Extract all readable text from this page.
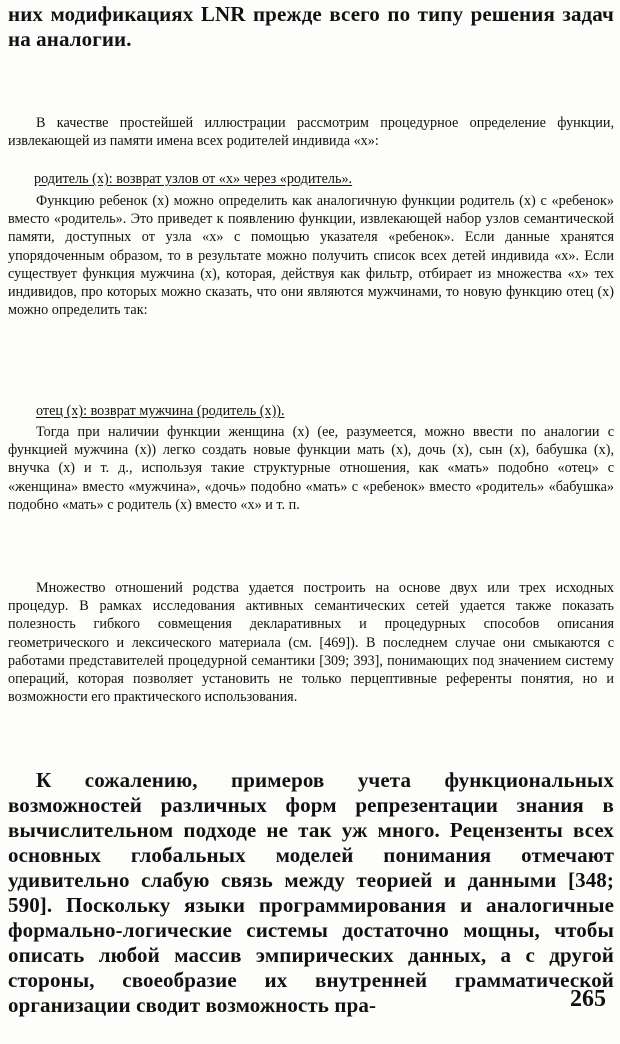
них модификациях LNR прежде всего по типу решения задач на аналогии.

В качестве простейшей иллюстрации рассмотрим процедурное определение функции, извлекающей из памяти имена всех родителей индивида «x»:

родитель (x): возврат узлов от «x» через «родитель».

Функцию ребенок (x) можно определить как аналогичную функции родитель (x) с «ребенок» вместо «родитель». Это приведет к появлению функции, извлекающей набор узлов семантической памяти, доступных от узла «x» с помощью указателя «ребенок». Если данные хранятся упорядоченным образом, то в результате можно получить список всех детей индивида «x». Если существует функция мужчина (x), которая, действуя как фильтр, отбирает из множества «x» тех индивидов, про которых можно сказать, что они являются мужчинами, то новую функцию отец (x) можно определить так:

отец (x): возврат мужчина (родитель (x)).

Тогда при наличии функции женщина (x) (ее, разумеется, можно ввести по аналогии с функцией мужчина (x)) легко создать новые функции мать (x), дочь (x), сын (x), бабушка (x), внучка (x) и т. д., используя такие структурные отношения, как «мать» подобно «отец» с «женщина» вместо «мужчина», «дочь» подобно «мать» с «ребенок» вместо «родитель» «бабушка» подобно «мать» с родитель (x) вместо «x» и т. п.

Множество отношений родства удается построить на основе двух или трех исходных процедур. В рамках исследования активных семантических сетей удается также показать полезность гибкого совмещения декларативных и процедурных способов описания геометрического и лексического материала (см. [469]). В последнем случае они смыкаются с работами представителей процедурной семантики [309; 393], понимающих под значением систему операций, которая позволяет установить не только перцептивные референты понятия, но и возможности его практического использования.

К сожалению, примеров учета функциональных возможностей различных форм репрезентации знания в вычислительном подходе не так уж много. Рецензенты всех основных глобальных моделей понимания отмечают удивительно слабую связь между теорией и данными [348; 590]. Поскольку языки программирования и аналогичные формально-логические системы достаточно мощны, чтобы описать любой массив эмпирических данных, а с другой стороны, своеобразие их внутренней грамматической организации сводит возможность пра-	265
